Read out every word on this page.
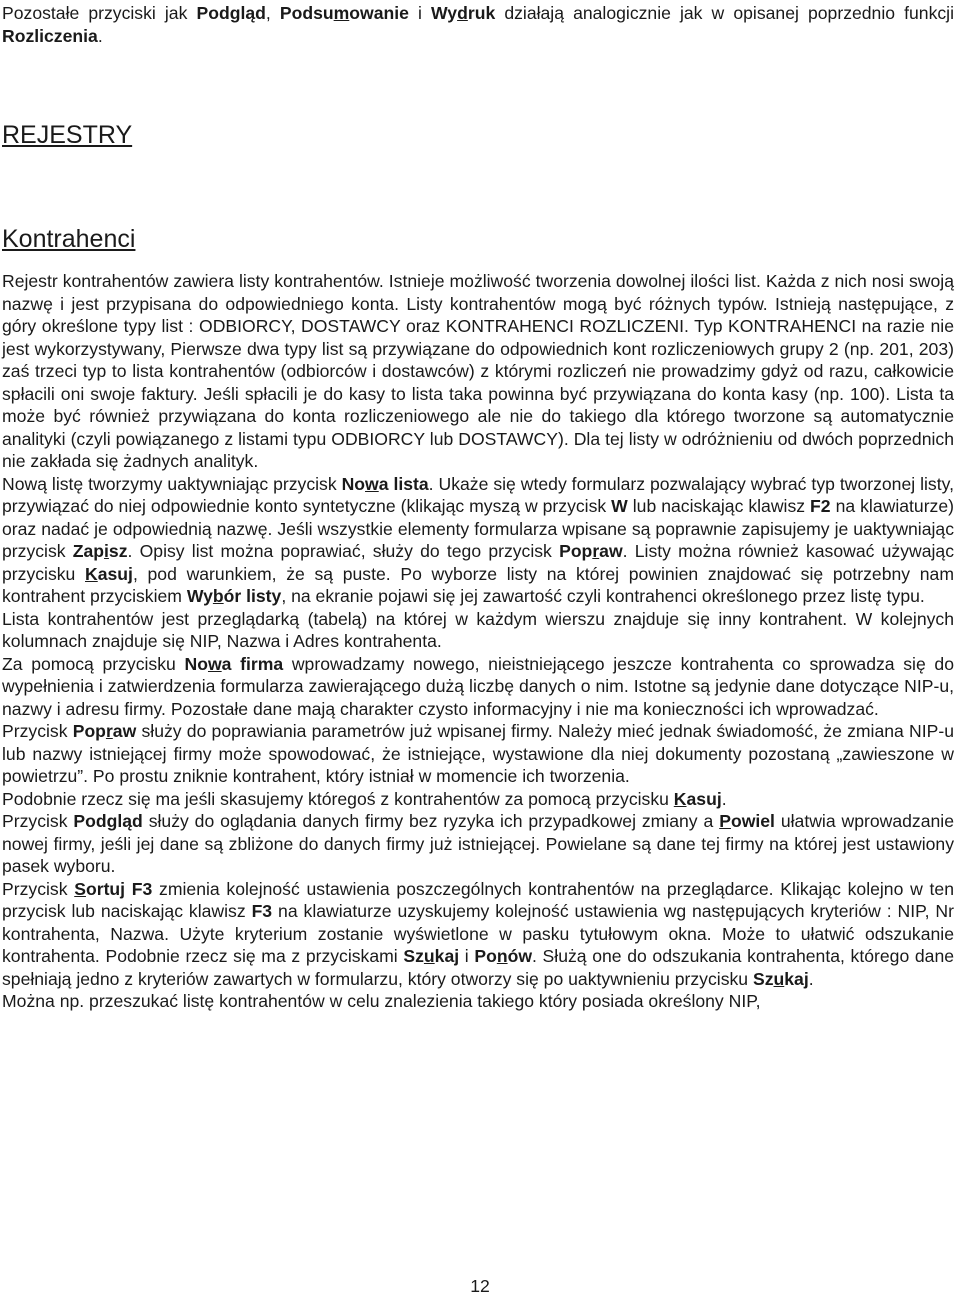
Pozostałe przyciski jak Podgląd, Podsumowanie i Wydruk działają analogicznie jak w opisanej poprzednio funkcji Rozliczenia.

REJESTRY
Kontrahenci

Rejestr kontrahentów zawiera listy kontrahentów. Istnieje możliwość tworzenia dowolnej ilości list. Każda z nich nosi swoją nazwę i jest przypisana do odpowiedniego konta. Listy kontrahentów mogą być różnych typów. Istnieją następujące, z góry określone typy list : ODBIORCY, DOSTAWCY oraz KONTRAHENCI ROZLICZENI. Typ KONTRAHENCI na razie nie jest wykorzystywany, Pierwsze dwa typy list są przywiązane do odpowiednich kont rozliczeniowych grupy 2 (np. 201, 203) zaś trzeci typ to lista kontrahentów (odbiorców i dostawców) z którymi rozliczeń nie prowadzimy gdyż od razu, całkowicie spłacili oni swoje faktury. Jeśli spłacili je do kasy to lista taka powinna być przywiązana do konta kasy (np. 100). Lista ta może być również przywiązana do konta rozliczeniowego ale nie do takiego dla którego tworzone są automatycznie analityki (czyli powiązanego z listami typu ODBIORCY lub DOSTAWCY). Dla tej listy w odróżnieniu od dwóch poprzednich nie zakłada się żadnych analityk.

Nową listę tworzymy uaktywniając przycisk Nowa lista. Ukaże się wtedy formularz pozwalający wybrać typ tworzonej listy, przywiązać do niej odpowiednie konto syntetyczne (klikając myszą w przycisk W lub naciskając klawisz F2 na klawiaturze) oraz nadać je odpowiednią nazwę. Jeśli wszystkie elementy formularza wpisane są poprawnie zapisujemy je uaktywniając przycisk Zapisz. Opisy list można poprawiać, służy do tego przycisk Popraw. Listy można również kasować używając przycisku Kasuj, pod warunkiem, że są puste. Po wyborze listy na której powinien znajdować się potrzebny nam kontrahent przyciskiem Wybór listy, na ekranie pojawi się jej zawartość czyli kontrahenci określonego przez listę typu.

Lista kontrahentów jest przeglądarką (tabelą) na której w każdym wierszu znajduje się inny kontrahent. W kolejnych kolumnach znajduje się NIP, Nazwa i Adres kontrahenta.

Za pomocą przycisku Nowa firma wprowadzamy nowego, nieistniejącego jeszcze kontrahenta co sprowadza się do wypełnienia i zatwierdzenia formularza zawierającego dużą liczbę danych o nim. Istotne są jedynie dane dotyczące NIP-u, nazwy i adresu firmy. Pozostałe dane mają charakter czysto informacyjny i nie ma konieczności ich wprowadzać.

Przycisk Popraw służy do poprawiania parametrów już wpisanej firmy. Należy mieć jednak świadomość, że zmiana NIP-u lub nazwy istniejącej firmy może spowodować, że istniejące, wystawione dla niej dokumenty pozostaną „zawieszone w powietrzu”. Po prostu zniknie kontrahent, który istniał w momencie ich tworzenia.

Podobnie rzecz się ma jeśli skasujemy któregoś z kontrahentów za pomocą przycisku Kasuj.

Przycisk Podgląd służy do oglądania danych firmy bez ryzyka ich przypadkowej zmiany a Powiel ułatwia wprowadzanie nowej firmy, jeśli jej dane są zbliżone do danych firmy już istniejącej. Powielane są dane tej firmy na której jest ustawiony pasek wyboru.

Przycisk Sortuj F3 zmienia kolejność ustawienia poszczególnych kontrahentów na przeglądarce. Klikając kolejno w ten przycisk lub naciskając klawisz F3 na klawiaturze uzyskujemy kolejność ustawienia wg następujących kryteriów : NIP, Nr kontrahenta, Nazwa. Użyte kryterium zostanie wyświetlone w pasku tytułowym okna. Może to ułatwić odszukanie kontrahenta. Podobnie rzecz się ma z przyciskami Szukaj i Ponów. Służą one do odszukania kontrahenta, którego dane spełniają jedno z kryteriów zawartych w formularzu, który otworzy się po uaktywnieniu przycisku Szukaj.

Można np. przeszukać listę kontrahentów w celu znalezienia takiego który posiada określony NIP,

12
